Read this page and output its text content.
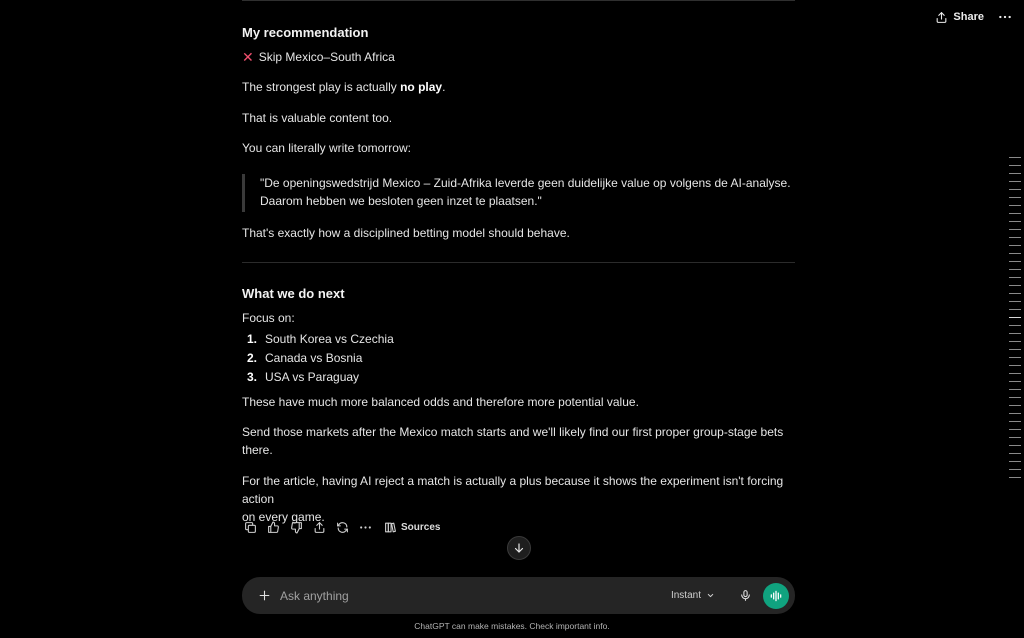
Share
My recommendation
✕ Skip Mexico–South Africa
The strongest play is actually no play.
That is valuable content too.
You can literally write tomorrow:
"De openingswedstrijd Mexico – Zuid-Afrika leverde geen duidelijke value op volgens de AI-analyse.
Daarom hebben we besloten geen inzet te plaatsen."
That's exactly how a disciplined betting model should behave.
What we do next
Focus on:
1. South Korea vs Czechia
2. Canada vs Bosnia
3. USA vs Paraguay
These have much more balanced odds and therefore more potential value.
Send those markets after the Mexico match starts and we'll likely find our first proper group-stage bets
there.
For the article, having AI reject a match is actually a plus because it shows the experiment isn't forcing action
on every game.
Sources
Ask anything
Instant
ChatGPT can make mistakes. Check important info.
